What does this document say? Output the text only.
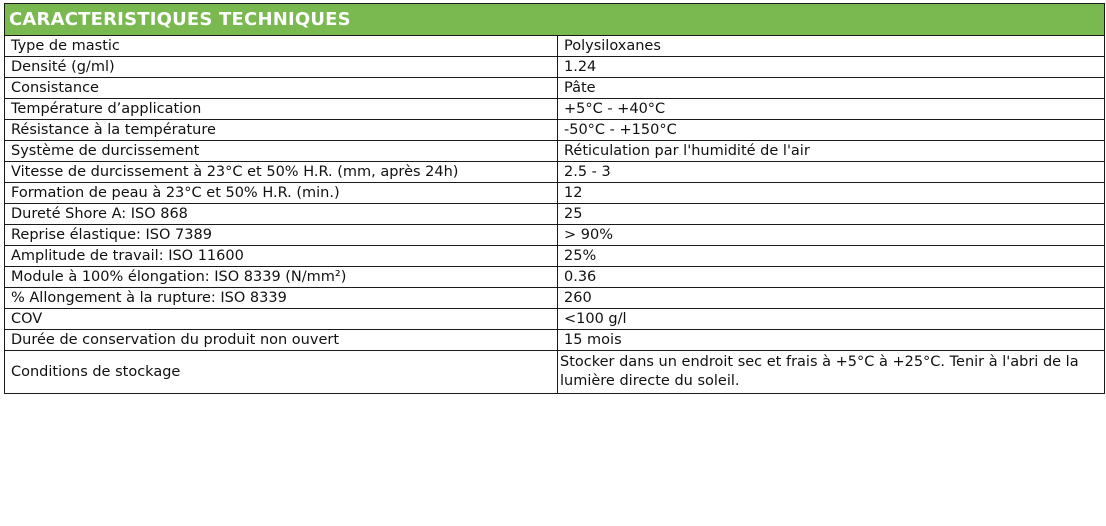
CARACTERISTIQUES TECHNIQUES	
Type de mastic	Polysiloxanes
Densité (g/ml)	1.24
Consistance	Pâte
Température d’application	+5°C - +40°C
Résistance à la température	-50°C - +150°C
Système de durcissement	Réticulation par l'humidité de l'air
Vitesse de durcissement à 23°C et 50% H.R. (mm, après 24h)	2.5 - 3
Formation de peau à 23°C et 50% H.R. (min.)	12
Dureté Shore A: ISO 868	25
Reprise élastique: ISO 7389	> 90%
Amplitude de travail: ISO 11600	25%
Module à 100% élongation: ISO 8339 (N/mm²)	0.36
% Allongement à la rupture: ISO 8339	260
COV	<100 g/l
Durée de conservation du produit non ouvert	15 mois
Conditions de stockage	Stocker dans un endroit sec et frais à +5°C à +25°C. Tenir à l'abri de la lumière directe du soleil.
